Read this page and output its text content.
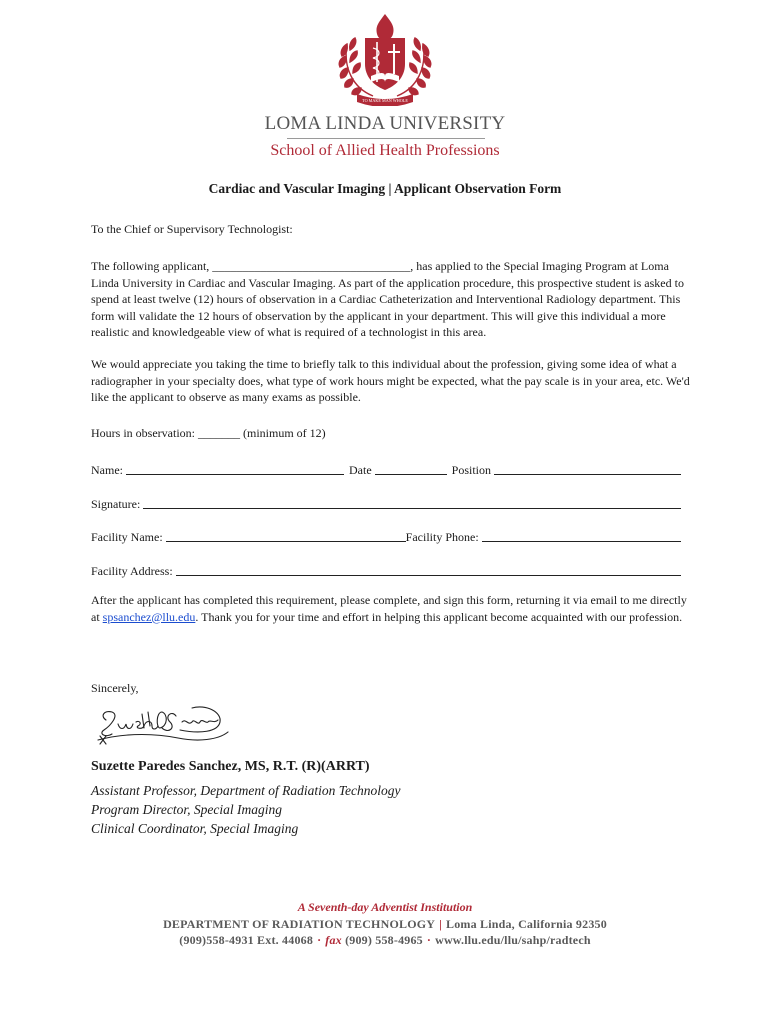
TO MAKE MAN WHOLE
LOMA LINDA UNIVERSITY
School of Allied Health Professions
Cardiac and Vascular Imaging | Applicant Observation Form

To the Chief or Supervisory Technologist:

The following applicant, _________________________________, has applied to the Special Imaging Program at Loma Linda University in Cardiac and Vascular Imaging. As part of the application procedure, this prospective student is asked to spend at least twelve (12) hours of observation in a Cardiac Catheterization and Interventional Radiology department. This form will validate the 12 hours of observation by the applicant in your department. This will give this individual a more realistic and knowledgeable view of what is required of a technologist in this area.

We would appreciate you taking the time to briefly talk to this individual about the profession, giving some idea of what a radiographer in your specialty does, what type of work hours might be expected, what the pay scale is in your area, etc. We'd like the applicant to observe as many exams as possible.

Hours in observation: _______ (minimum of 12)

Name:	Date	Position
Signature:
Facility Name:	Facility Phone:
Facility Address:

After the applicant has completed this requirement, please complete, and sign this form, returning it via email to me directly at spsanchez@llu.edu. Thank you for your time and effort in helping this applicant become acquainted with our profession.

Sincerely,

Suzette Paredes Sanchez, MS, R.T. (R)(ARRT)
Assistant Professor, Department of Radiation Technology
Program Director, Special Imaging
Clinical Coordinator, Special Imaging
A Seventh-day Adventist Institution
DEPARTMENT OF RADIATION TECHNOLOGY | Loma Linda, California 92350
(909)558-4931 Ext. 44068 · fax (909) 558-4965 · www.llu.edu/llu/sahp/radtech
